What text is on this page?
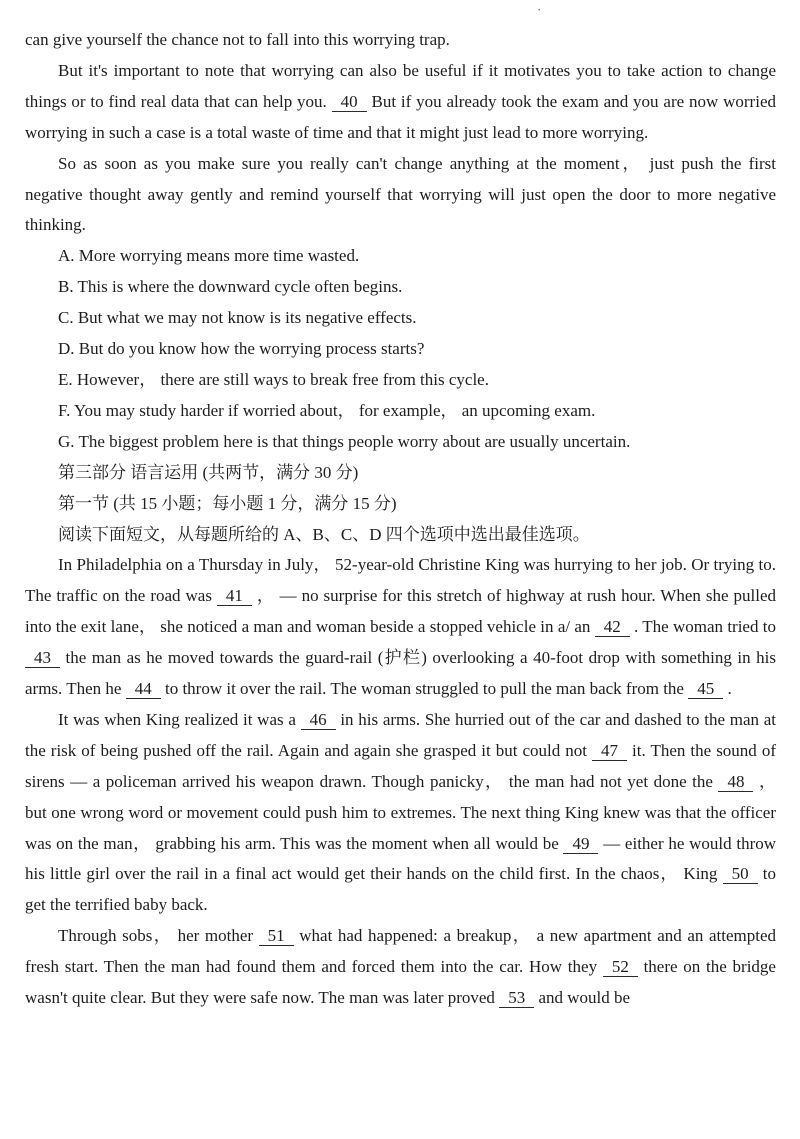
·

can give yourself the chance not to fall into this worrying trap.

But it's important to note that worrying can also be useful if it motivates you to take action to change things or to find real data that can help you. 40 But if you already took the exam and you are now worried worrying in such a case is a total waste of time and that it might just lead to more worrying.

So as soon as you make sure you really can't change anything at the moment， just push the first negative thought away gently and remind yourself that worrying will just open the door to more negative thinking.

A. More worrying means more time wasted.

B. This is where the downward cycle often begins.

C. But what we may not know is its negative effects.

D. But do you know how the worrying process starts?

E. However， there are still ways to break free from this cycle.

F. You may study harder if worried about， for example， an upcoming exam.

G. The biggest problem here is that things people worry about are usually uncertain.

第三部分 语言运用 (共两节，满分 30 分)

第一节 (共 15 小题；每小题 1 分，满分 15 分)

阅读下面短文，从每题所给的 A、B、C、D 四个选项中选出最佳选项。

In Philadelphia on a Thursday in July， 52-year-old Christine King was hurrying to her job. Or trying to. The traffic on the road was 41 ， — no surprise for this stretch of highway at rush hour. When she pulled into the exit lane， she noticed a man and woman beside a stopped vehicle in a/ an 42 . The woman tried to 43 the man as he moved towards the guard-rail (护栏) overlooking a 40-foot drop with something in his arms. Then he 44 to throw it over the rail. The woman struggled to pull the man back from the 45 .

It was when King realized it was a 46 in his arms. She hurried out of the car and dashed to the man at the risk of being pushed off the rail. Again and again she grasped it but could not 47 it. Then the sound of sirens — a policeman arrived his weapon drawn. Though panicky， the man had not yet done the 48 ， but one wrong word or movement could push him to extremes. The next thing King knew was that the officer was on the man， grabbing his arm. This was the moment when all would be 49 — either he would throw his little girl over the rail in a final act would get their hands on the child first. In the chaos， King 50 to get the terrified baby back.

Through sobs， her mother 51 what had happened: a breakup， a new apartment and an attempted fresh start. Then the man had found them and forced them into the car. How they 52 there on the bridge wasn't quite clear. But they were safe now. The man was later proved 53 and would be
